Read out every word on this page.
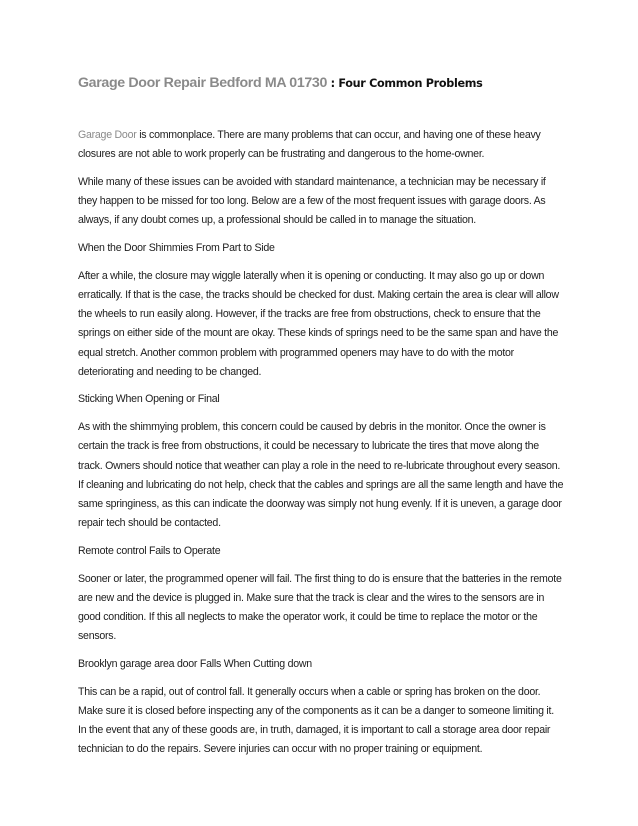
Garage Door Repair Bedford MA 01730 : Four Common Problems

Garage Door is commonplace. There are many problems that can occur, and having one of these heavy closures are not able to work properly can be frustrating and dangerous to the home-owner.

While many of these issues can be avoided with standard maintenance, a technician may be necessary if they happen to be missed for too long. Below are a few of the most frequent issues with garage doors. As always, if any doubt comes up, a professional should be called in to manage the situation.

When the Door Shimmies From Part to Side

After a while, the closure may wiggle laterally when it is opening or conducting. It may also go up or down erratically. If that is the case, the tracks should be checked for dust. Making certain the area is clear will allow the wheels to run easily along. However, if the tracks are free from obstructions, check to ensure that the springs on either side of the mount are okay. These kinds of springs need to be the same span and have the equal stretch. Another common problem with programmed openers may have to do with the motor deteriorating and needing to be changed.

Sticking When Opening or Final

As with the shimmying problem, this concern could be caused by debris in the monitor. Once the owner is certain the track is free from obstructions, it could be necessary to lubricate the tires that move along the track. Owners should notice that weather can play a role in the need to re-lubricate throughout every season. If cleaning and lubricating do not help, check that the cables and springs are all the same length and have the same springiness, as this can indicate the doorway was simply not hung evenly. If it is uneven, a garage door repair tech should be contacted.

Remote control Fails to Operate

Sooner or later, the programmed opener will fail. The first thing to do is ensure that the batteries in the remote are new and the device is plugged in. Make sure that the track is clear and the wires to the sensors are in good condition. If this all neglects to make the operator work, it could be time to replace the motor or the sensors.

Brooklyn garage area door Falls When Cutting down

This can be a rapid, out of control fall. It generally occurs when a cable or spring has broken on the door. Make sure it is closed before inspecting any of the components as it can be a danger to someone limiting it. In the event that any of these goods are, in truth, damaged, it is important to call a storage area door repair technician to do the repairs. Severe injuries can occur with no proper training or equipment.
